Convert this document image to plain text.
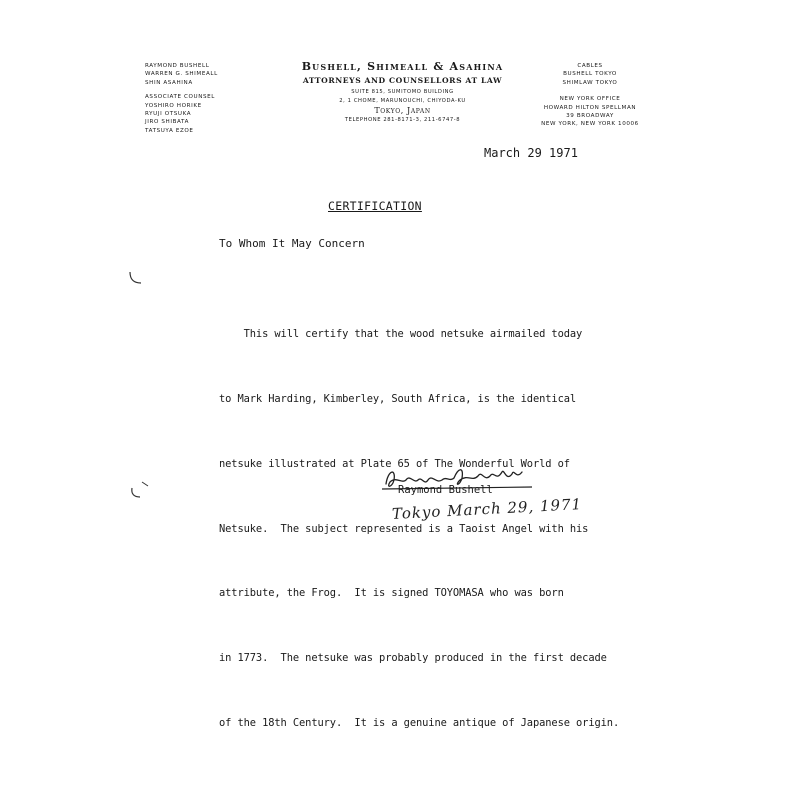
RAYMOND BUSHELL
WARREN G. SHIMEALL
SHIN ASAHINA
ASSOCIATE COUNSEL
YOSHIRO HORIKE
RYUJI OTSUKA
JIRO SHIBATA
TATSUYA EZOE
Bushell, Shimeall & Asahina
ATTORNEYS AND COUNSELLORS AT LAW
SUITE 815, SUMITOMO BUILDING
2, 1 CHOME, MARUNOUCHI, CHIYODA-KU
Tokyo, Japan
TELEPHONE 281-8171-3, 211-6747-8
CABLES
BUSHELL TOKYO
SHIMLAW TOKYO
NEW YORK OFFICE
HOWARD HILTON SPELLMAN
39 BROADWAY
NEW YORK, NEW YORK 10006
March 29 1971
CERTIFICATION
To Whom It May Concern

This will certify that the wood netsuke airmailed today

to Mark Harding, Kimberley, South Africa, is the identical

netsuke illustrated at Plate 65 of The Wonderful World of

Netsuke.  The subject represented is a Taoist Angel with his

attribute, the Frog.  It is signed TOYOMASA who was born

in 1773.  The netsuke was probably produced in the first decade

of the 18th Century.  It is a genuine antique of Japanese origin.

Raymond Bushell
Tokyo March 29, 1971
